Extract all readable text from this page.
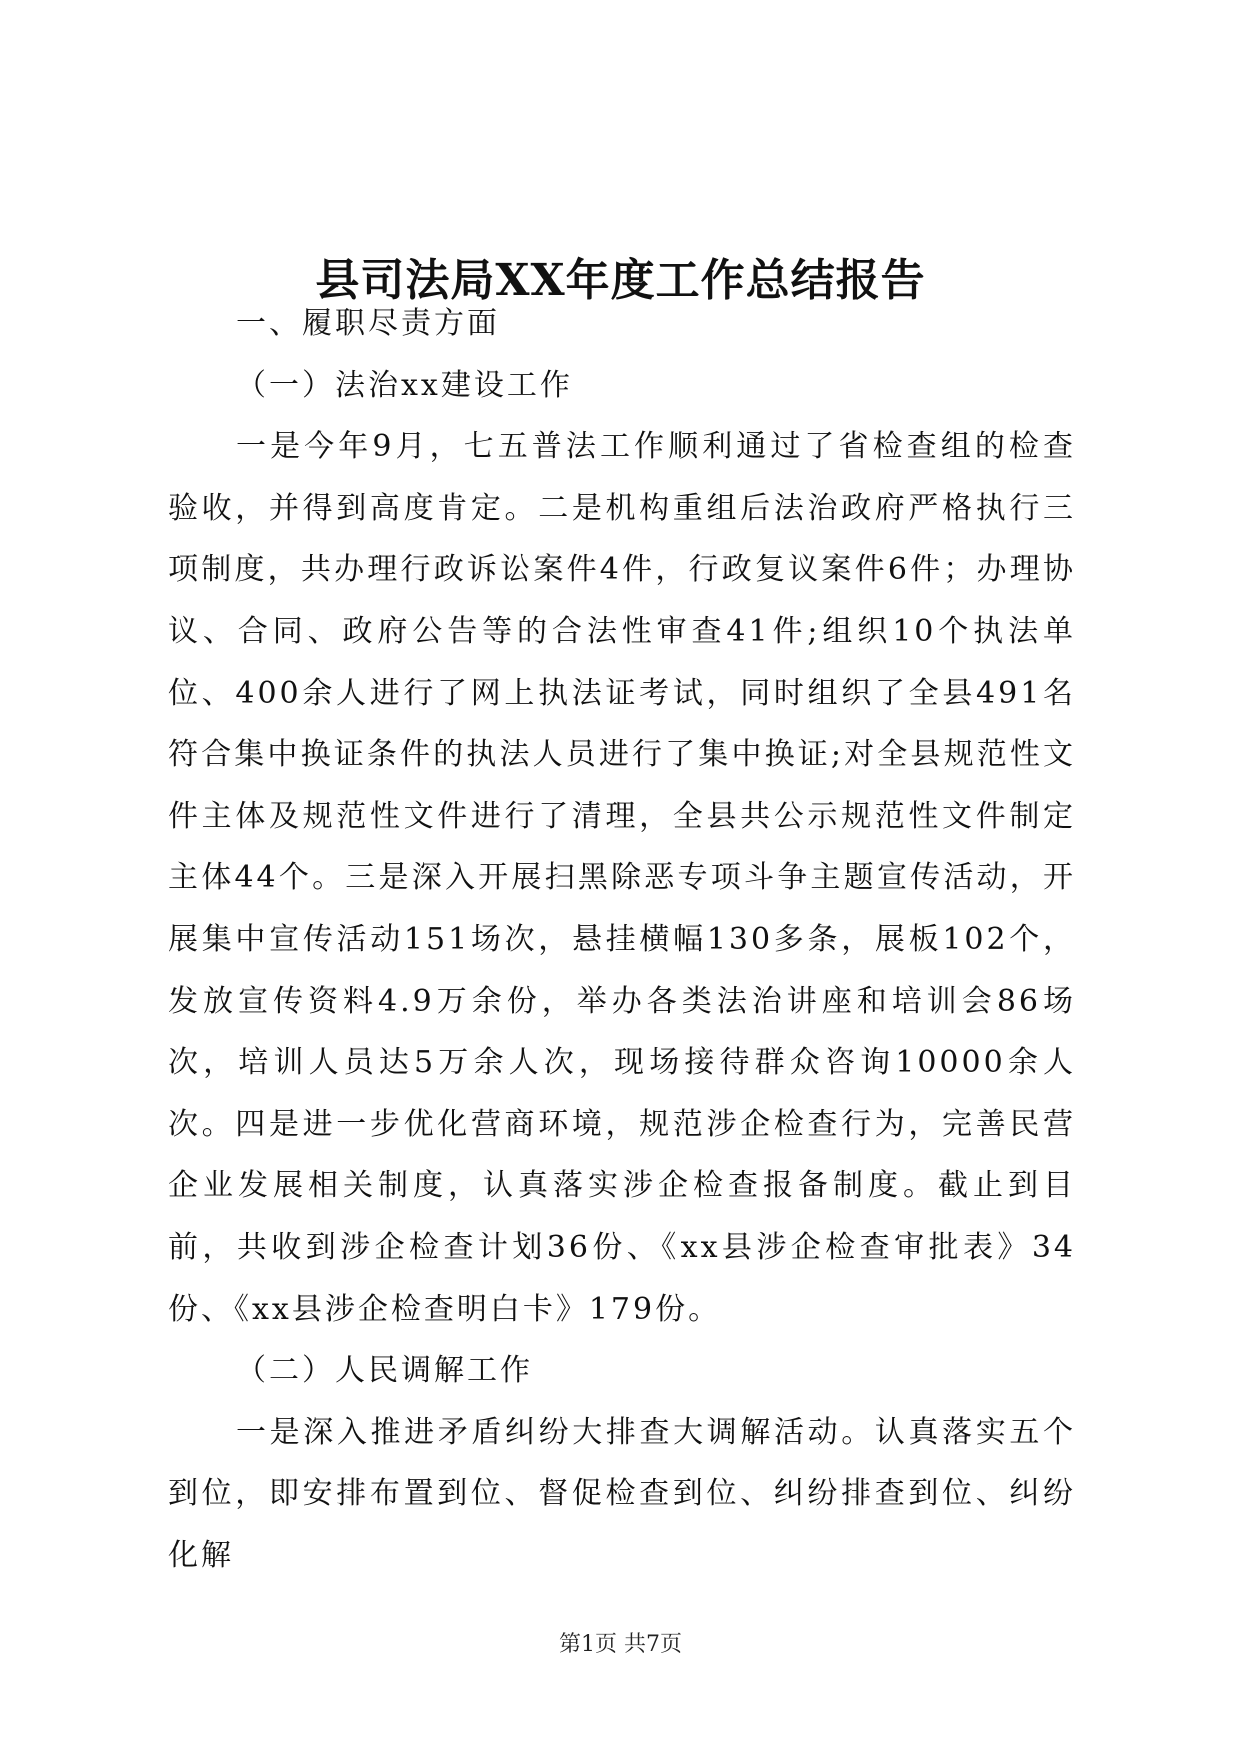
县司法局XX年度工作总结报告

一、履职尽责方面

（一）法治xx建设工作

一是今年9月，七五普法工作顺利通过了省检查组的检查验收，并得到高度肯定。二是机构重组后法治政府严格执行三项制度，共办理行政诉讼案件4件，行政复议案件6件；办理协议、合同、政府公告等的合法性审查41件;组织10个执法单位、400余人进行了网上执法证考试，同时组织了全县491名符合集中换证条件的执法人员进行了集中换证;对全县规范性文件主体及规范性文件进行了清理，全县共公示规范性文件制定主体44个。三是深入开展扫黑除恶专项斗争主题宣传活动，开展集中宣传活动151场次，悬挂横幅130多条，展板102个，发放宣传资料4.9万余份，举办各类法治讲座和培训会86场次，培训人员达5万余人次，现场接待群众咨询10000余人次。四是进一步优化营商环境，规范涉企检查行为，完善民营企业发展相关制度，认真落实涉企检查报备制度。截止到目前，共收到涉企检查计划36份、《xx县涉企检查审批表》34份、《xx县涉企检查明白卡》179份。

（二）人民调解工作

一是深入推进矛盾纠纷大排查大调解活动。认真落实五个到位，即安排布置到位、督促检查到位、纠纷排查到位、纠纷化解

第1页 共7页
